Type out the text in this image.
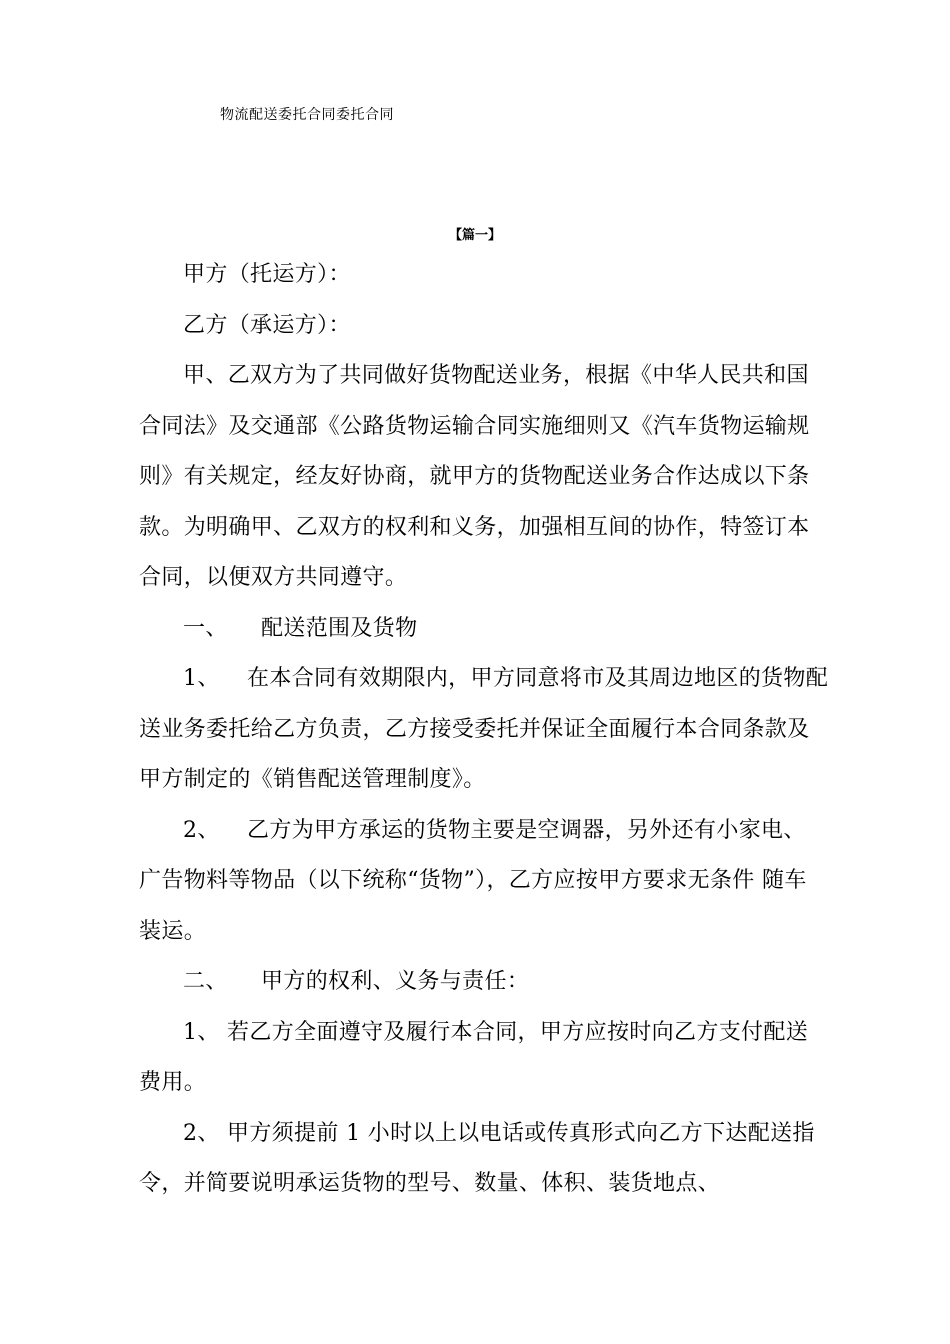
物流配送委托合同委托合同
【篇一】

甲方（托运方）：

乙方（承运方）：

甲、乙双方为了共同做好货物配送业务，根据《中华人民共和国合同法》及交通部《公路货物运输合同实施细则又《汽车货物运输规则》有关规定，经友好协商，就甲方的货物配送业务合作达成以下条款。为明确甲、乙双方的权利和义务，加强相互间的协作，特签订本合同，以便双方共同遵守。

一、 配送范围及货物

1、 在本合同有效期限内，甲方同意将市及其周边地区的货物配送业务委托给乙方负责，乙方接受委托并保证全面履行本合同条款及甲方制定的《销售配送管理制度》。

2、 乙方为甲方承运的货物主要是空调器，另外还有小家电、 广告物料等物品（以下统称“货物”），乙方应按甲方要求无条件 随车装运。

二、 甲方的权利、义务与责任：

1、 若乙方全面遵守及履行本合同，甲方应按时向乙方支付配送费用。

2、 甲方须提前 1 小时以上以电话或传真形式向乙方下达配送指令，并简要说明承运货物的型号、数量、体积、装货地点、
